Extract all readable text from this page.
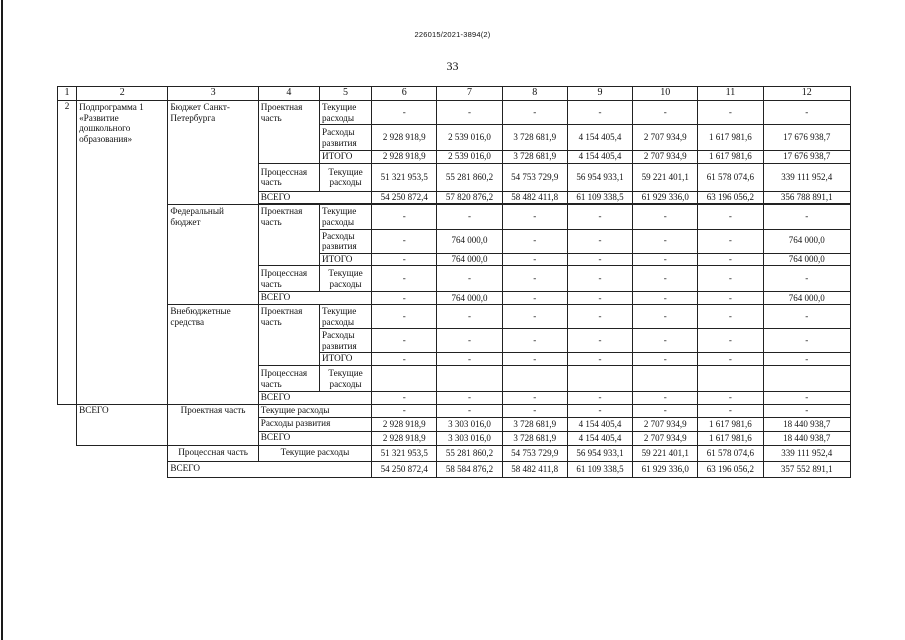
226015/2021-3894(2)
33
1	2	3	4	5	6	7	8	9	10	11	12
2	Подпрограмма 1 «Развитие дошкольного образования»	Бюджет Санкт-Петербурга	Проектная часть	Текущие расходы	-	-	-	-	-	-	-
				Расходы развития	2 928 918,9	2 539 016,0	3 728 681,9	4 154 405,4	2 707 934,9	1 617 981,6	17 676 938,7
				ИТОГО	2 928 918,9	2 539 016,0	3 728 681,9	4 154 405,4	2 707 934,9	1 617 981,6	17 676 938,7
			Процессная часть	Текущие расходы	51 321 953,5	55 281 860,2	54 753 729,9	56 954 933,1	59 221 401,1	61 578 074,6	339 111 952,4
			ВСЕГО		54 250 872,4	57 820 876,2	58 482 411,8	61 109 338,5	61 929 336,0	63 196 056,2	356 788 891,1

		Федеральный бюджет	Проектная часть	Текущие расходы	-	-	-	-	-	-	-
				Расходы развития	-	764 000,0	-	-	-	-	764 000,0
				ИТОГО	-	764 000,0	-	-	-	-	764 000,0
			Процессная часть	Текущие расходы	-	-	-	-	-	-	-
			ВСЕГО		-	764 000,0	-	-	-	-	764 000,0
		Внебюджетные средства	Проектная часть	Текущие расходы	-	-	-	-	-	-	-
				Расходы развития	-	-	-	-	-	-	-
				ИТОГО	-	-	-	-	-	-	-
			Процессная часть	Текущие расходы							
			ВСЕГО		-	-	-	-	-	-	-
	ВСЕГО	Проектная часть	Текущие расходы		-	-	-	-	-	-	-
			Расходы развития		2 928 918,9	3 303 016,0	3 728 681,9	4 154 405,4	2 707 934,9	1 617 981,6	18 440 938,7
			ВСЕГО		2 928 918,9	3 303 016,0	3 728 681,9	4 154 405,4	2 707 934,9	1 617 981,6	18 440 938,7
		Процессная часть	Текущие расходы		51 321 953,5	55 281 860,2	54 753 729,9	56 954 933,1	59 221 401,1	61 578 074,6	339 111 952,4
		ВСЕГО			54 250 872,4	58 584 876,2	58 482 411,8	61 109 338,5	61 929 336,0	63 196 056,2	357 552 891,1
